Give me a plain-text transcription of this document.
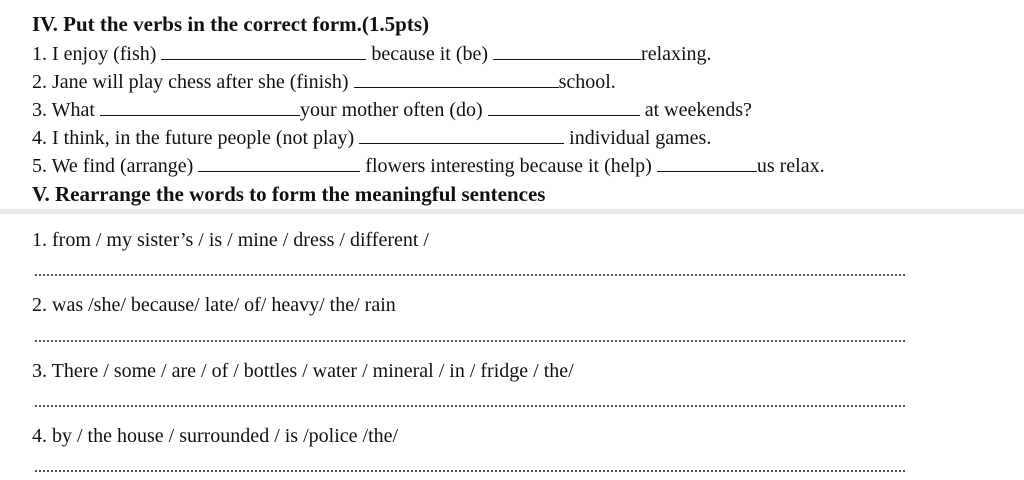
IV. Put the verbs in the correct form.(1.5pts)
1. I enjoy (fish)	because it (be)	relaxing.
2. Jane will play chess after she (finish)	school.
3. What	your mother often (do)	at weekends?
4. I think, in the future people (not play)	individual games.
5. We find (arrange)	flowers interesting because it (help)	us relax.
V. Rearrange the words to form the meaningful sentences
1. from / my sister’s / is / mine / dress / different /
2. was /she/ because/ late/ of/ heavy/ the/ rain
3. There / some / are / of / bottles / water / mineral / in / fridge / the/
4. by / the house / surrounded / is /police /the/
